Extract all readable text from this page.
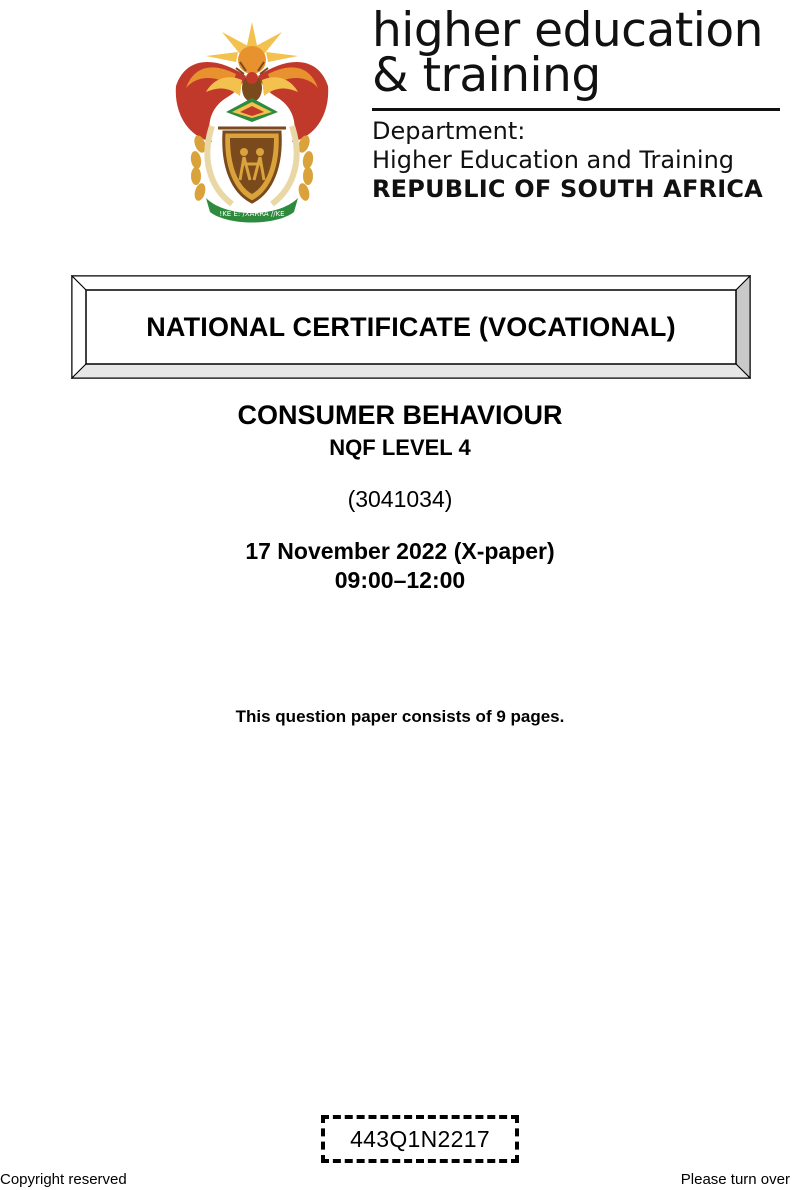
!KE E: /XARRA //KE
higher education
& training
Department:
Higher Education and Training
REPUBLIC OF SOUTH AFRICA
NATIONAL CERTIFICATE (VOCATIONAL)
CONSUMER BEHAVIOUR
NQF LEVEL 4
(3041034)
17 November 2022 (X-paper)
09:00–12:00
This question paper consists of 9 pages.
443Q1N2217
Copyright reserved	Please turn over
